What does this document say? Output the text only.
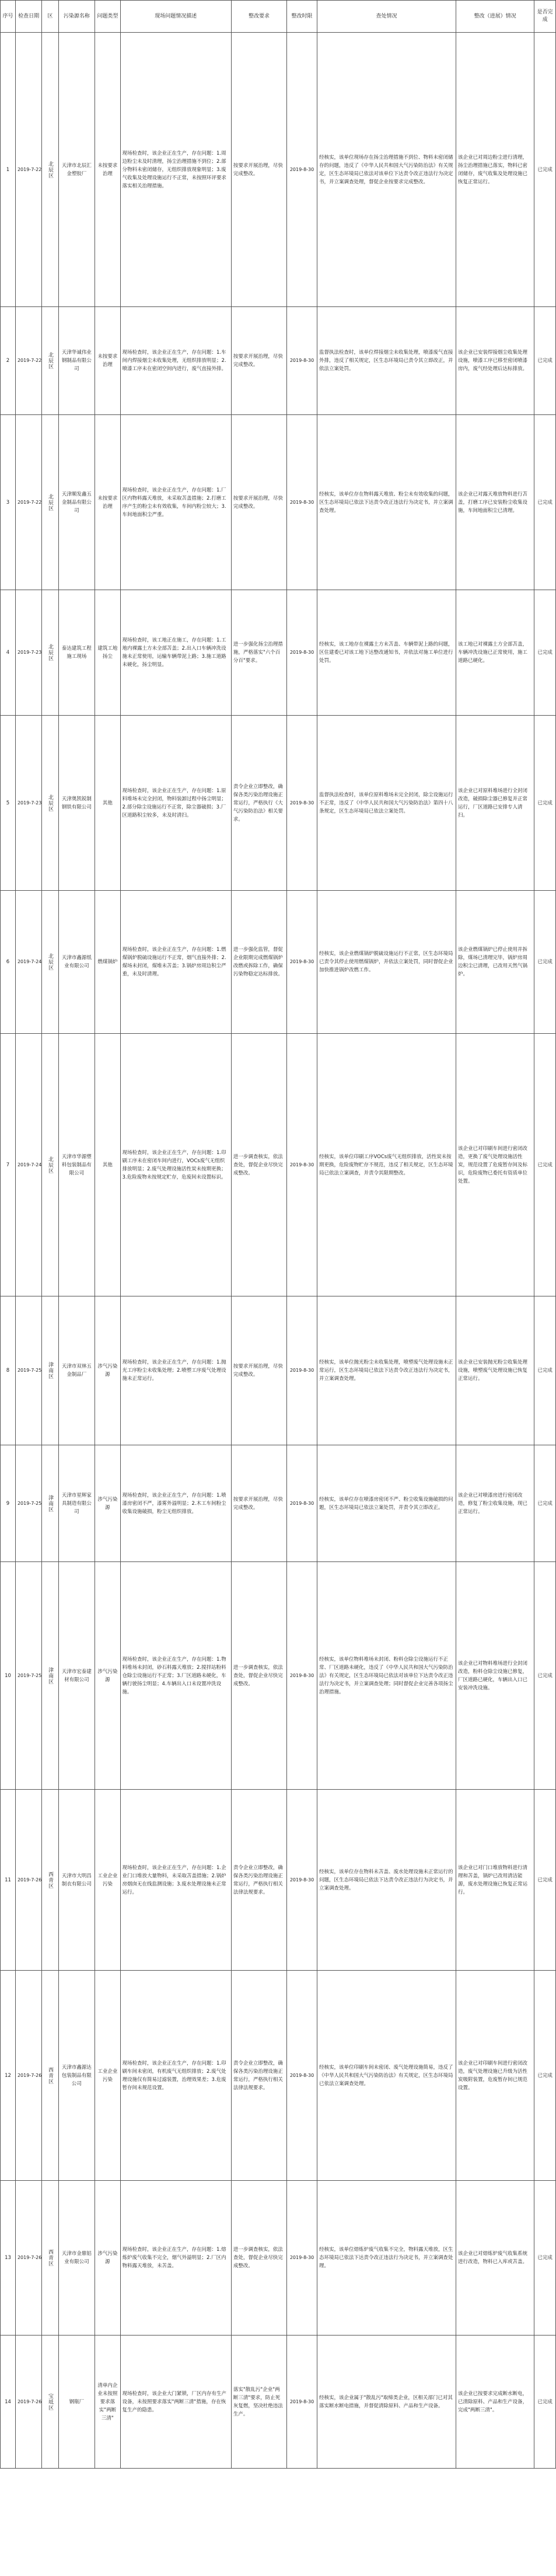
序号	检查日期	区	污染源名称	问题类型	现场问题情况描述	整改要求	整改时限	查处情况	整改（进展）情况	是否完成
1	2019-7-22	北辰区	天津市北辰汇金塑胶厂	未按要求治理	现场检查时，该企业正在生产，存在问题：1.周边粉尘未及时清理，扬尘治理措施不到位；2.部分物料未密闭储存，无组织排放现象明显；3.废气收集及处理设施运行不正常，未按照环评要求落实相关治理措施。	按要求开展治理，尽快完成整改。	2019-8-30	经核实，该单位现场存在扬尘治理措施不到位、物料未密闭储存的问题，违反了《中华人民共和国大气污染防治法》有关规定，区生态环境局已依法对该单位下达责令改正违法行为决定书，并立案调查处理，督促企业按要求完成整改。	该企业已对周边粉尘进行清理，扬尘治理措施已落实，物料已密闭储存，废气收集及处理设施已恢复正常运行。	已完成
2	2019-7-22	北辰区	天津华诚伟业钢制品有限公司	未按要求治理	现场检查时，该企业正在生产，存在问题：1.车间内焊接烟尘未收集处理，无组织排放明显；2.喷漆工序未在密闭空间内进行，废气直接外排。	按要求开展治理，尽快完成整改。	2019-8-30	监督执法检查时，该单位焊接烟尘未收集处理，喷漆废气直接外排，违反了相关规定，区生态环境局已责令其立即改正，并依法立案处罚。	该企业已安装焊接烟尘收集处理设施，喷漆工序已移至密闭喷漆房内，废气经处理后达标排放。	已完成
3	2019-7-22	北辰区	天津顺发鑫五金制品有限公司	未按要求治理	现场检查时，该企业正在生产，存在问题：1.厂区内物料露天堆放，未采取苫盖措施；2.打磨工序产生的粉尘未有效收集，车间内粉尘较大；3.车间地面积尘严重。	按要求开展治理，尽快完成整改。	2019-8-30	经核实，该单位存在物料露天堆放、粉尘未有效收集的问题，区生态环境局已依法下达责令改正违法行为决定书，并立案调查处理。	该企业已对露天堆放物料进行苫盖，打磨工序已安装粉尘收集设施，车间地面积尘已清理。	已完成
4	2019-7-23	北辰区	泰达建筑工程施工现场	建筑工地扬尘	现场检查时，该工地正在施工，存在问题：1.工地内裸露土方未全部苫盖；2.出入口车辆冲洗设施未正常使用，运输车辆带泥上路；3.施工道路未硬化，扬尘明显。	进一步强化扬尘治理措施，严格落实"六个百分百"要求。	2019-8-30	经核实，该工地存在裸露土方未苫盖、车辆带泥上路的问题，区住建委已对该工地下达整改通知书，并依法对施工单位进行处罚。	该工地已对裸露土方全部苫盖，车辆冲洗设施已正常使用，施工道路已硬化。	已完成
5	2019-7-23	北辰区	天津奥凯锐制钢铁有限公司	其他	现场检查时，该企业正在生产，存在问题：1.原料堆场未完全封闭，物料装卸过程中扬尘明显；2.部分除尘设施运行不正常，除尘器破损；3.厂区道路积尘较多，未及时清扫。	责令企业立即整改，确保各类污染治理设施正常运行，严格执行《大气污染防治法》相关要求。	2019-8-30	监督执法检查时，该单位原料堆场未完全封闭，除尘设施运行不正常，违反了《中华人民共和国大气污染防治法》第四十八条规定，区生态环境局已依法立案处罚。	该企业已对原料堆场进行全封闭改造，破损除尘器已修复并正常运行，厂区道路已安排专人清扫。	已完成
6	2019-7-24	北辰区	天津市鑫源纸业有限公司	燃煤锅炉	现场检查时，该企业正在生产，存在问题：1.燃煤锅炉脱硫设施运行不正常，烟气直接外排；2.煤场未封闭，煤堆未苫盖；3.锅炉房周边积尘严重，未及时清理。	进一步强化监管，督促企业限期完成燃煤锅炉改燃或拆除工作，确保污染物稳定达标排放。	2019-8-30	经核实，该企业燃煤锅炉脱硫设施运行不正常，区生态环境局已责令其停止使用燃煤锅炉，并依法立案处罚，同时督促企业加快推进锅炉改燃工作。	该企业燃煤锅炉已停止使用并拆除，煤场已清理完毕，锅炉房周边积尘已清理，已改用天然气锅炉。	已完成
7	2019-7-24	北辰区	天津市华源塑料包装制品有限公司	其他	现场检查时，该企业正在生产，存在问题：1.印刷工序未在密闭车间内进行，VOCs废气无组织排放明显；2.废气处理设施活性炭未按期更换；3.危险废物未按规定贮存，危废间未设置标识。	进一步调查核实，依法查处，督促企业尽快完成整改。	2019-8-30	经核实，该单位印刷工序VOCs废气无组织排放，活性炭未按期更换，危险废物贮存不规范，违反了相关规定，区生态环境局已依法立案调查，并责令其限期整改。	该企业已对印刷车间进行密闭改造，更换了废气处理设施活性炭，规范设置了危废暂存间及标识，危险废物已委托有资质单位处置。	已完成
8	2019-7-25	津南区	天津市双林五金制品厂	涉气污染源	现场检查时，该企业正在生产，存在问题：1.抛光工序粉尘未收集处理；2.喷塑工序废气处理设施未正常运行。	按要求开展治理，尽快完成整改。	2019-8-30	经核实，该单位抛光粉尘未收集处理，喷塑废气处理设施未正常运行，区生态环境局已依法下达责令改正违法行为决定书，并立案调查处理。	该企业已安装抛光粉尘收集处理设施，喷塑废气处理设施已恢复正常运行。	已完成
9	2019-7-25	津南区	天津市星辉家具制造有限公司	涉气污染源	现场检查时，该企业正在生产，存在问题：1.喷漆房密闭不严，漆雾外溢明显；2.木工车间粉尘收集设施破损，粉尘无组织排放。	按要求开展治理，尽快完成整改。	2019-8-30	经核实，该单位存在喷漆房密闭不严、粉尘收集设施破损的问题，区生态环境局已依法立案处罚，并责令其立即改正。	该企业已对喷漆房进行密闭改造，修复了粉尘收集设施，现已正常运行。	已完成
10	2019-7-25	津南区	天津市宏泰建材有限公司	涉气污染源	现场检查时，该企业正在生产，存在问题：1.物料堆场未封闭，砂石料露天堆放；2.搅拌站粉料仓除尘设施运行不正常；3.厂区道路未硬化，车辆行驶扬尘明显；4.车辆出入口未设置冲洗设施。	进一步调查核实，依法查处，督促企业尽快完成整改。	2019-8-30	经核实，该单位物料堆场未封闭、粉料仓除尘设施运行不正常、厂区道路未硬化，违反了《中华人民共和国大气污染防治法》有关规定，区生态环境局已依法对该单位下达责令改正违法行为决定书，并立案调查处理；同时督促企业完善各项扬尘治理措施。	该企业已对物料堆场进行全封闭改造，粉料仓除尘设施已修复，厂区道路已硬化，车辆出入口已安装冲洗设施。	已完成
11	2019-7-26	西青区	天津市大明昌制衣有限公司	工业企业污染	现场检查时，该企业正在生产，存在问题：1.企业门口堆放大量物料，未采取苫盖措施；2.锅炉房烟囱无在线监测设施；3.废水处理设施未正常运行。	责令企业立即整改，确保各类污染治理设施正常运行，严格执行相关法律法规要求。	2019-8-30	经核实，该单位存在物料未苫盖、废水处理设施未正常运行的问题，区生态环境局已依法下达责令改正违法行为决定书，并立案调查处理。	该企业已对门口堆放物料进行清理和苫盖，锅炉已改用清洁能源，废水处理设施已恢复正常运行。	已完成
12	2019-7-26	西青区	天津市鑫源达包装制品有限公司	工业企业污染	现场检查时，该企业正在生产，存在问题：1.印刷车间未密闭，有机废气无组织排放；2.废气处理设施仅有简易过滤装置，治理效果差；3.危废暂存间未规范设置。	责令企业立即整改，确保各类污染治理设施正常运行，严格执行相关法律法规要求。	2019-8-30	经核实，该单位印刷车间未密闭、废气处理设施简易，违反了《中华人民共和国大气污染防治法》有关规定，区生态环境局已依法立案调查处理。	该企业已对印刷车间进行密闭改造，废气处理设施已升级为活性炭吸附装置，危废暂存间已规范设置。	已完成
13	2019-7-26	西青区	天津市金鼎铝业有限公司	涉气污染源	现场检查时，该企业正在生产，存在问题：1.熔炼炉废气收集不完全，烟气外溢明显；2.厂区内物料露天堆放，未苫盖。	进一步调查核实，依法查处，督促企业尽快完成整改。	2019-8-30	经核实，该单位熔炼炉废气收集不完全，物料露天堆放，区生态环境局已依法下达责令改正违法行为决定书，并立案调查处理。	该企业已对熔炼炉废气收集系统进行改造，物料已入库或苫盖。	已完成
14	2019-7-26	宝坻区	钢瓶厂	清单内企业未按照要求落实"两断三清"	现场检查时，该企业大门紧锁，厂区内存有生产设备，未按照要求落实"两断三清"措施，存在恢复生产的隐患。	落实"散乱污"企业"两断三清"要求，防止死灰复燃，坚决杜绝违法生产。	2019-8-30	经核实，该企业属于"散乱污"取缔类企业，区相关部门已对其落实断水断电措施，并督促清除原料、产品和生产设备。	该企业已按要求完成断水断电，已清除原料、产品和生产设备，完成"两断三清"。	已完成
